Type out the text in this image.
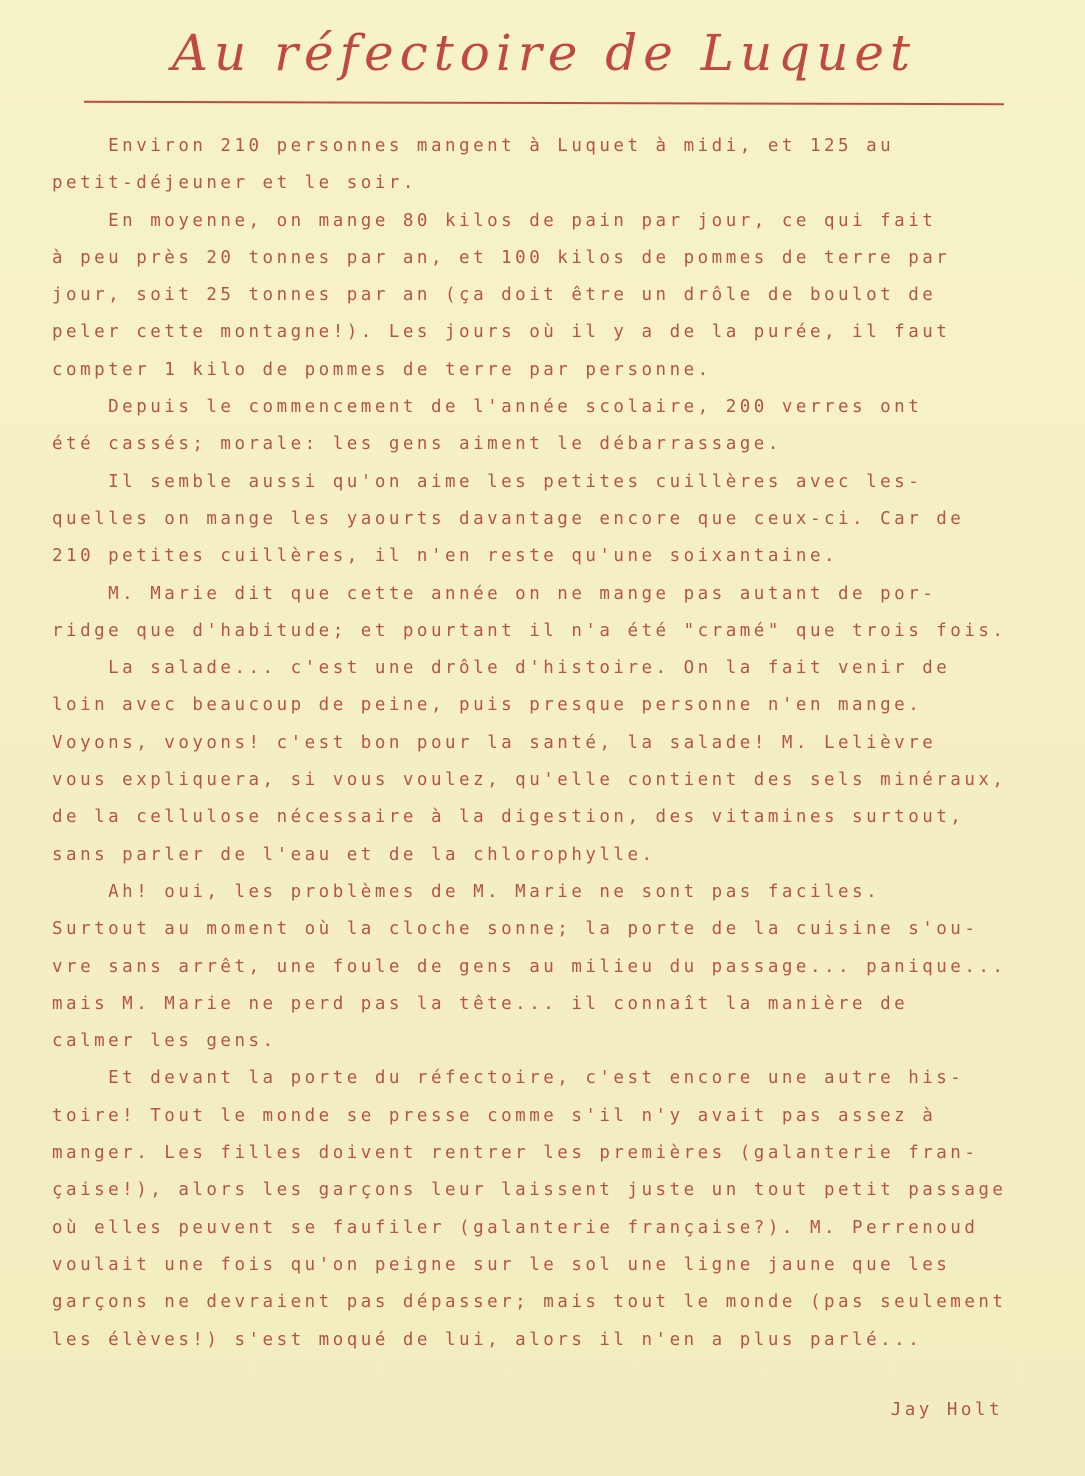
Au réfectoire de Luquet
Environ 210 personnes mangent à Luquet à midi, et 125 au
petit-déjeuner et le soir.
En moyenne, on mange 80 kilos de pain par jour, ce qui fait
à peu près 20 tonnes par an, et 100 kilos de pommes de terre par
jour, soit 25 tonnes par an (ça doit être un drôle de boulot de
peler cette montagne!). Les jours où il y a de la purée, il faut
compter 1 kilo de pommes de terre par personne.
Depuis le commencement de l'année scolaire, 200 verres ont
été cassés; morale: les gens aiment le débarrassage.
Il semble aussi qu'on aime les petites cuillères avec les-
quelles on mange les yaourts davantage encore que ceux-ci. Car de
210 petites cuillères, il n'en reste qu'une soixantaine.
M. Marie dit que cette année on ne mange pas autant de por-
ridge que d'habitude; et pourtant il n'a été "cramé" que trois fois.
La salade... c'est une drôle d'histoire. On la fait venir de
loin avec beaucoup de peine, puis presque personne n'en mange.
Voyons, voyons! c'est bon pour la santé, la salade! M. Lelièvre
vous expliquera, si vous voulez, qu'elle contient des sels minéraux,
de la cellulose nécessaire à la digestion, des vitamines surtout,
sans parler de l'eau et de la chlorophylle.
Ah! oui, les problèmes de M. Marie ne sont pas faciles.
Surtout au moment où la cloche sonne; la porte de la cuisine s'ou-
vre sans arrêt, une foule de gens au milieu du passage... panique...
mais M. Marie ne perd pas la tête... il connaît la manière de
calmer les gens.
Et devant la porte du réfectoire, c'est encore une autre his-
toire! Tout le monde se presse comme s'il n'y avait pas assez à
manger. Les filles doivent rentrer les premières (galanterie fran-
çaise!), alors les garçons leur laissent juste un tout petit passage
où elles peuvent se faufiler (galanterie française?). M. Perrenoud
voulait une fois qu'on peigne sur le sol une ligne jaune que les
garçons ne devraient pas dépasser; mais tout le monde (pas seulement
les élèves!) s'est moqué de lui, alors il n'en a plus parlé...
Jay Holt
